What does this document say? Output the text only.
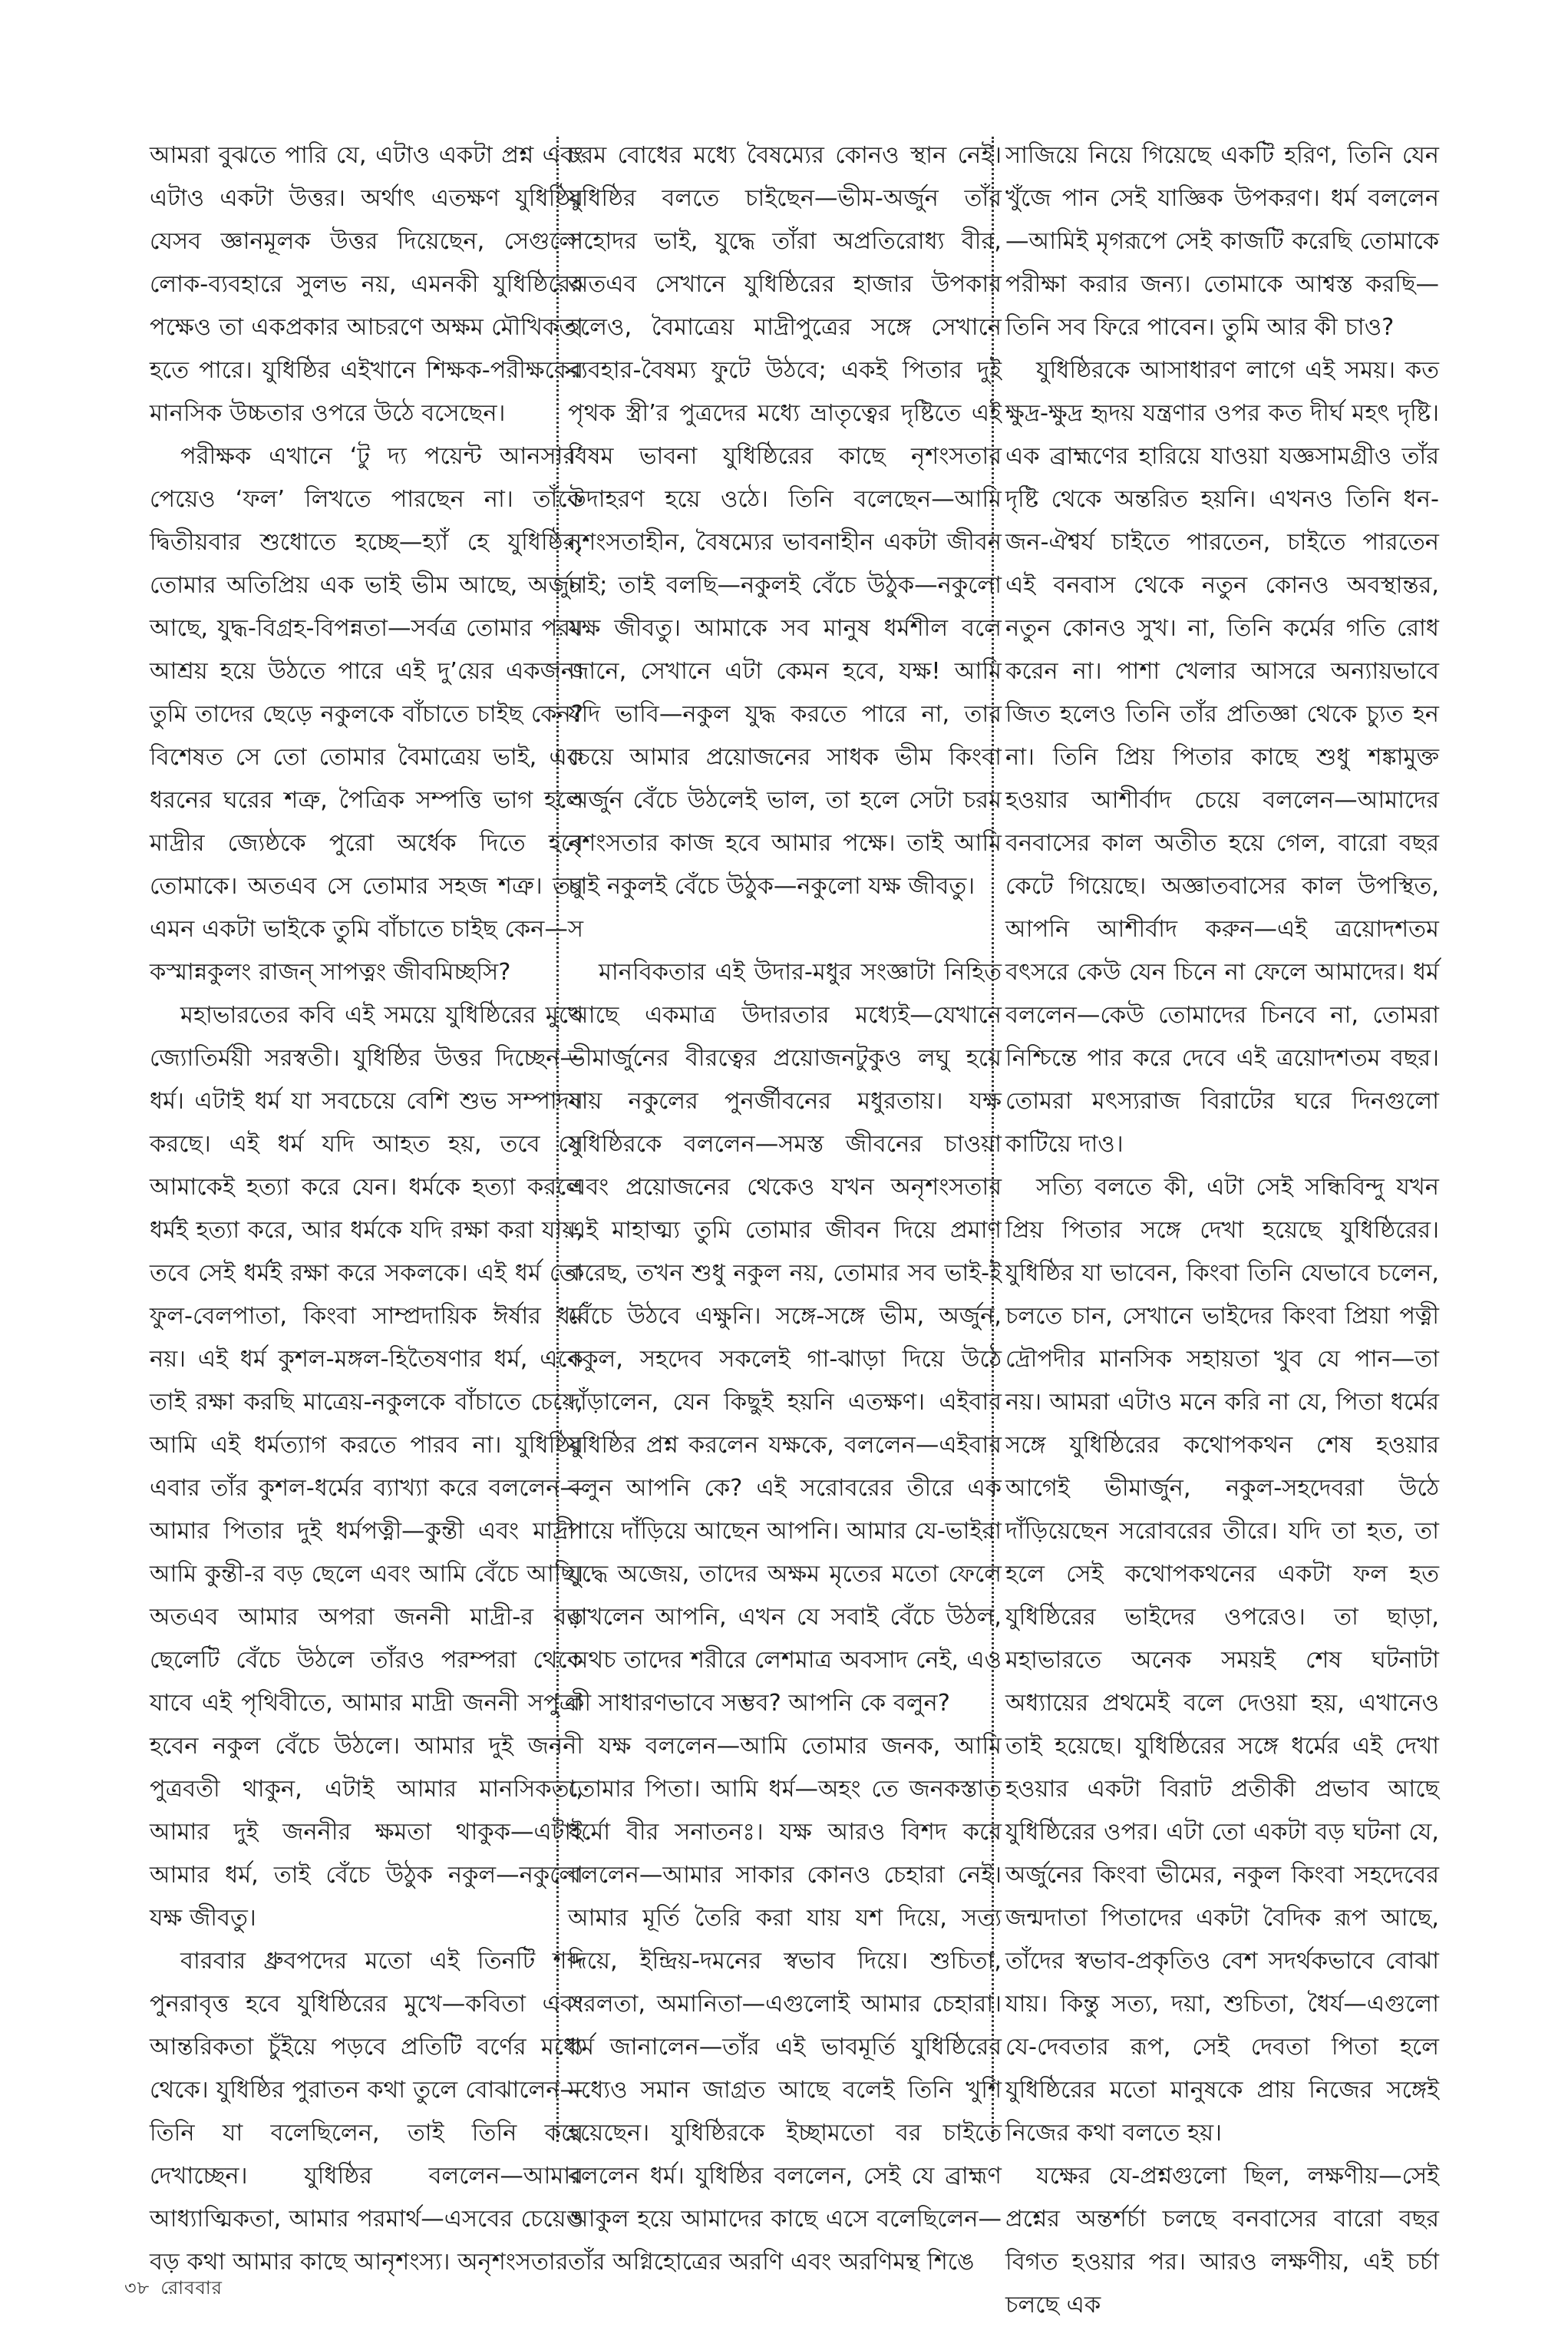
আমরা বুঝতে পারি যে, এটাও একটা প্রশ্ন এবং এটাও একটা উত্তর। অর্থাৎ এতক্ষণ যুধিষ্ঠির যেসব জ্ঞানমূলক উত্তর দিয়েছেন, সেগুলো লোক-ব্যবহারে সুলভ নয়, এমনকী যুধিষ্ঠিরের পক্ষেও তা একপ্রকার আচরণে অক্ষম মৌখিকতা হতে পারে। যুধিষ্ঠির এইখানে শিক্ষক-পরীক্ষকের মানসিক উচ্চতার ওপরে উঠে বসেছেন।

পরীক্ষক এখানে ‘টু দ্য পয়েন্ট আনসার’ পেয়েও ‘ফল’ লিখতে পারছেন না। তাঁকে দ্বিতীয়বার শুধোতে হচ্ছে—হ্যাঁ হে যুধিষ্ঠির, তোমার অতিপ্রিয় এক ভাই ভীম আছে, অর্জুন আছে, যুদ্ধ-বিগ্রহ-বিপন্নতা—সর্বত্র তোমার পরম আশ্রয় হয়ে উঠতে পারে এই দু’য়ের একজন। তুমি তাদের ছেড়ে নকুলকে বাঁচাতে চাইছ কেন? বিশেষত সে তো তোমার বৈমাত্রেয় ভাই, এক ধরনের ঘরের শত্রু, পৈত্রিক সম্পত্তি ভাগ হলে মাদ্রীর জ্যেষ্ঠকে পুরো অর্ধেক দিতে হবে তোমাকে। অতএব সে তোমার সহজ শত্রু। তবু এমন একটা ভাইকে তুমি বাঁচাতে চাইছ কেন—স কস্মান্নকুলং রাজন্ সাপত্নং জীবমিচ্ছসি?

মহাভারতের কবি এই সময়ে যুধিষ্ঠিরের মুখে জ্যোতির্ময়ী সরস্বতী। যুধিষ্ঠির উত্তর দিচ্ছেন—ধর্ম। এটাই ধর্ম যা সবচেয়ে বেশি শুভ সম্পাদন করছে। এই ধর্ম যদি আহত হয়, তবে সে আমাকেই হত্যা করে যেন। ধর্মকে হত্যা করলে ধর্মই হত্যা করে, আর ধর্মকে যদি রক্ষা করা যায়, তবে সেই ধর্মই রক্ষা করে সকলকে। এই ধর্ম তো ফুল-বেলপাতা, কিংবা সাম্প্রদায়িক ঈর্ষার ধর্ম নয়। এই ধর্ম কুশল-মঙ্গল-হিতৈষণার ধর্ম, একে তাই রক্ষা করছি মাত্রেয়-নকুলকে বাঁচাতে চেয়ে, আমি এই ধর্মত্যাগ করতে পারব না। যুধিষ্ঠির এবার তাঁর কুশল-ধর্মের ব্যাখ্যা করে বললেন—আমার পিতার দুই ধর্মপত্নী—কুন্তী এবং মাদ্রী। আমি কুন্তী-র বড় ছেলে এবং আমি বেঁচে আছি। অতএব আমার অপরা জননী মাদ্রী-র বড় ছেলেটি বেঁচে উঠলে তাঁরও পরম্পরা থেকে যাবে এই পৃথিবীতে, আমার মাদ্রী জননী সপুত্রা হবেন নকুল বেঁচে উঠলে। আমার দুই জননী পুত্রবতী থাকুন, এটাই আমার মানসিকতা, আমার দুই জননীর ক্ষমতা থাকুক—এটাই আমার ধর্ম, তাই বেঁচে উঠুক নকুল—নকুলো যক্ষ জীবতু।

বারবার ধ্রুবপদের মতো এই তিনটি শব্দ পুনরাবৃত্ত হবে যুধিষ্ঠিরের মুখে—কবিতা এবং আন্তরিকতা চুঁইয়ে পড়বে প্রতিটি বর্ণের মধ্যে থেকে। যুধিষ্ঠির পুরাতন কথা তুলে বোঝালেন—তিনি যা বলেছিলেন, তাই তিনি করে দেখাচ্ছেন। যুধিষ্ঠির বললেন—আমার আধ্যাত্মিকতা, আমার পরমার্থ—এসবের চেয়েও বড় কথা আমার কাছে আনৃশংস্য। অনৃশংসতার

চরম বোধের মধ্যে বৈষম্যের কোনও স্থান নেই। যুধিষ্ঠির বলতে চাইছেন—ভীম-অর্জুন তাঁর সহোদর ভাই, যুদ্ধে তাঁরা অপ্রতিরোধ্য বীর, অতএব সেখানে যুধিষ্ঠিরের হাজার উপকার হলেও, বৈমাত্রেয় মাদ্রীপুত্রের সঙ্গে সেখানে ব্যবহার-বৈষম্য ফুটে উঠবে; একই পিতার দুই পৃথক স্ত্রী’র পুত্রদের মধ্যে ভ্রাতৃত্বের দৃষ্টিতে এই বিষম ভাবনা যুধিষ্ঠিরের কাছে নৃশংসতার উদাহরণ হয়ে ওঠে। তিনি বলেছেন—আমি নৃশংসতাহীন, বৈষম্যের ভাবনাহীন একটা জীবন চাই; তাই বলছি—নকুলই বেঁচে উঠুক—নকুলো যক্ষ জীবতু। আমাকে সব মানুষ ধর্মশীল বলে জানে, সেখানে এটা কেমন হবে, যক্ষ! আমি যদি ভাবি—নকুল যুদ্ধ করতে পারে না, তার চেয়ে আমার প্রয়োজনের সাধক ভীম কিংবা অর্জুন বেঁচে উঠলেই ভাল, তা হলে সেটা চরম নৃশংসতার কাজ হবে আমার পক্ষে। তাই আমি চাই নকুলই বেঁচে উঠুক—নকুলো যক্ষ জীবতু।

মানবিকতার এই উদার-মধুর সংজ্ঞাটা নিহিত আছে একমাত্র উদারতার মধ্যেই—যেখানে ভীমার্জুনের বীরত্বের প্রয়োজনটুকুও লঘু হয়ে যায় নকুলের পুনর্জীবনের মধুরতায়। যক্ষ যুধিষ্ঠিরকে বললেন—সমস্ত জীবনের চাওয়া এবং প্রয়োজনের থেকেও যখন অনৃশংসতার এই মাহাত্ম্য তুমি তোমার জীবন দিয়ে প্রমাণ করেছ, তখন শুধু নকুল নয়, তোমার সব ভাই-ই বেঁচে উঠবে এক্ষুনি। সঙ্গে-সঙ্গে ভীম, অর্জুন, নকুল, সহদেব সকলেই গা-ঝাড়া দিয়ে উঠে দাঁড়ালেন, যেন কিছুই হয়নি এতক্ষণ। এইবার যুধিষ্ঠির প্রশ্ন করলেন যক্ষকে, বললেন—এইবার বলুন আপনি কে? এই সরোবরের তীরে এক পায়ে দাঁড়িয়ে আছেন আপনি। আমার যে-ভাইরা যুদ্ধে অজেয়, তাদের অক্ষম মৃতের মতো ফেলে রাখলেন আপনি, এখন যে সবাই বেঁচে উঠল, অথচ তাদের শরীরে লেশমাত্র অবসাদ নেই, এও কী সাধারণভাবে সম্ভব? আপনি কে বলুন?

যক্ষ বললেন—আমি তোমার জনক, আমি তোমার পিতা। আমি ধর্ম—অহং তে জনকস্তাত ধর্মো বীর সনাতনঃ। যক্ষ আরও বিশদ করে বললেন—আমার সাকার কোনও চেহারা নেই। আমার মূর্তি তৈরি করা যায় যশ দিয়ে, সত্য দিয়ে, ইন্দ্রিয়-দমনের স্বভাব দিয়ে। শুচিতা, সরলতা, অমানিতা—এগুলোই আমার চেহারা। ধর্ম জানালেন—তাঁর এই ভাবমূর্তি যুধিষ্ঠিরের মধ্যেও সমান জাগ্রত আছে বলেই তিনি খুশি হয়েছেন। যুধিষ্ঠিরকে ইচ্ছামতো বর চাইতে বললেন ধর্ম। যুধিষ্ঠির বললেন, সেই যে ব্রাহ্মণ আকুল হয়ে আমাদের কাছে এসে বলেছিলেন—তাঁর অগ্নিহোত্রের অরণি এবং অরণিমন্থ শিঙে

সাজিয়ে নিয়ে গিয়েছে একটি হরিণ, তিনি যেন খুঁজে পান সেই যাজ্ঞিক উপকরণ। ধর্ম বললেন—আমিই মৃগরূপে সেই কাজটি করেছি তোমাকে পরীক্ষা করার জন্য। তোমাকে আশ্বস্ত করছি—তিনি সব ফিরে পাবেন। তুমি আর কী চাও?

যুধিষ্ঠিরকে আসাধারণ লাগে এই সময়। কত ক্ষুদ্র-ক্ষুদ্র হৃদয় যন্ত্রণার ওপর কত দীর্ঘ মহৎ দৃষ্টি। এক ব্রাহ্মণের হারিয়ে যাওয়া যজ্ঞসামগ্রীও তাঁর দৃষ্টি থেকে অন্তরিত হয়নি। এখনও তিনি ধন-জন-ঐশ্বর্য চাইতে পারতেন, চাইতে পারতেন এই বনবাস থেকে নতুন কোনও অবস্থান্তর, নতুন কোনও সুখ। না, তিনি কর্মের গতি রোধ করেন না। পাশা খেলার আসরে অন্যায়ভাবে জিত হলেও তিনি তাঁর প্রতিজ্ঞা থেকে চ্যুত হন না। তিনি প্রিয় পিতার কাছে শুধু শঙ্কামুক্ত হওয়ার আশীর্বাদ চেয়ে বললেন—আমাদের বনবাসের কাল অতীত হয়ে গেল, বারো বছর কেটে গিয়েছে। অজ্ঞাতবাসের কাল উপস্থিত, আপনি আশীর্বাদ করুন—এই ত্রয়োদশতম বৎসরে কেউ যেন চিনে না ফেলে আমাদের। ধর্ম বললেন—কেউ তোমাদের চিনবে না, তোমরা নিশ্চিন্তে পার করে দেবে এই ত্রয়োদশতম বছর। তোমরা মৎস্যরাজ বিরাটের ঘরে দিনগুলো কাটিয়ে দাও।

সত্যি বলতে কী, এটা সেই সন্ধিবিন্দু যখন প্রিয় পিতার সঙ্গে দেখা হয়েছে যুধিষ্ঠিরের। যুধিষ্ঠির যা ভাবেন, কিংবা তিনি যেভাবে চলেন, চলতে চান, সেখানে ভাইদের কিংবা প্রিয়া পত্নী দ্রৌপদীর মানসিক সহায়তা খুব যে পান—তা নয়। আমরা এটাও মনে করি না যে, পিতা ধর্মের সঙ্গে যুধিষ্ঠিরের কথোপকথন শেষ হওয়ার আগেই ভীমার্জুন, নকুল-সহদেবরা উঠে দাঁড়িয়েছেন সরোবরের তীরে। যদি তা হত, তা হলে সেই কথোপকথনের একটা ফল হত যুধিষ্ঠিরের ভাইদের ওপরেও। তা ছাড়া, মহাভারতে অনেক সময়ই শেষ ঘটনাটা অধ্যায়ের প্রথমেই বলে দেওয়া হয়, এখানেও তাই হয়েছে। যুধিষ্ঠিরের সঙ্গে ধর্মের এই দেখা হওয়ার একটা বিরাট প্রতীকী প্রভাব আছে যুধিষ্ঠিরের ওপর। এটা তো একটা বড় ঘটনা যে, অর্জুনের কিংবা ভীমের, নকুল কিংবা সহদেবের জন্মদাতা পিতাদের একটা বৈদিক রূপ আছে, তাঁদের স্বভাব-প্রকৃতিও বেশ সদর্থকভাবে বোঝা যায়। কিন্তু সত্য, দয়া, শুচিতা, ধৈর্য—এগুলো যে-দেবতার রূপ, সেই দেবতা পিতা হলে যুধিষ্ঠিরের মতো মানুষকে প্রায় নিজের সঙ্গেই নিজের কথা বলতে হয়।

যক্ষের যে-প্রশ্নগুলো ছিল, লক্ষণীয়—সেই প্রশ্নের অন্তর্শর্চা চলছে বনবাসের বারো বছর বিগত হওয়ার পর। আরও লক্ষণীয়, এই চর্চা চলছে এক

৩৮ রোববার
